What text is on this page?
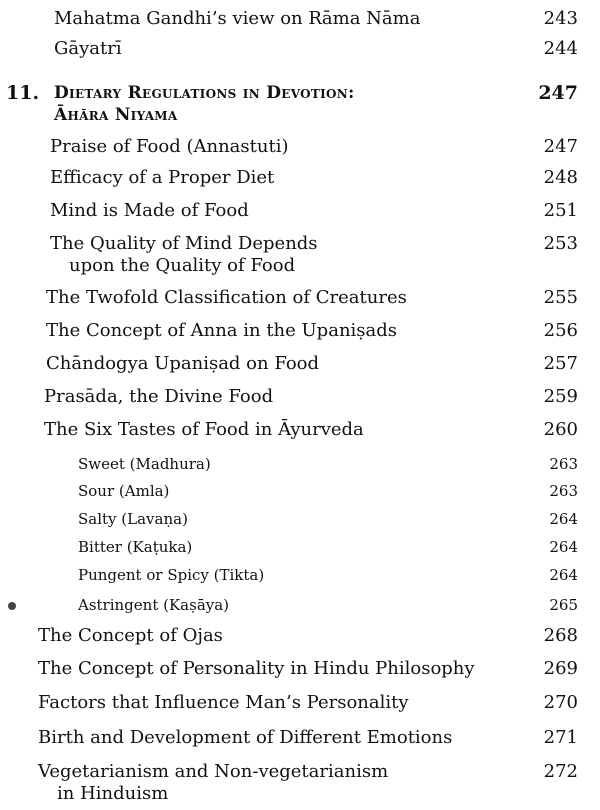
Mahatma Gandhi’s view on Rāma Nāma	243
Gāyatrī	244
11. Dietary Regulations in Devotion:
Āhāra Niyama
247
Praise of Food (Annastuti)	247
Efficacy of a Proper Diet	248
Mind is Made of Food	251
The Quality of Mind Depends
upon the Quality of Food
253
The Twofold Classification of Creatures	255
The Concept of Anna in the Upaniṣads	256
Chāndogya Upaniṣad on Food	257
Prasāda, the Divine Food	259
The Six Tastes of Food in Āyurveda	260
Sweet (Madhura)	263
Sour (Amla)	263
Salty (Lavaṇa)	264
Bitter (Kaṭuka)	264
Pungent or Spicy (Tikta)	264
Astringent (Kaṣāya)	265
The Concept of Ojas	268
The Concept of Personality in Hindu Philosophy	269
Factors that Influence Man’s Personality	270
Birth and Development of Different Emotions	271
Vegetarianism and Non-vegetarianism
in Hinduism
272
